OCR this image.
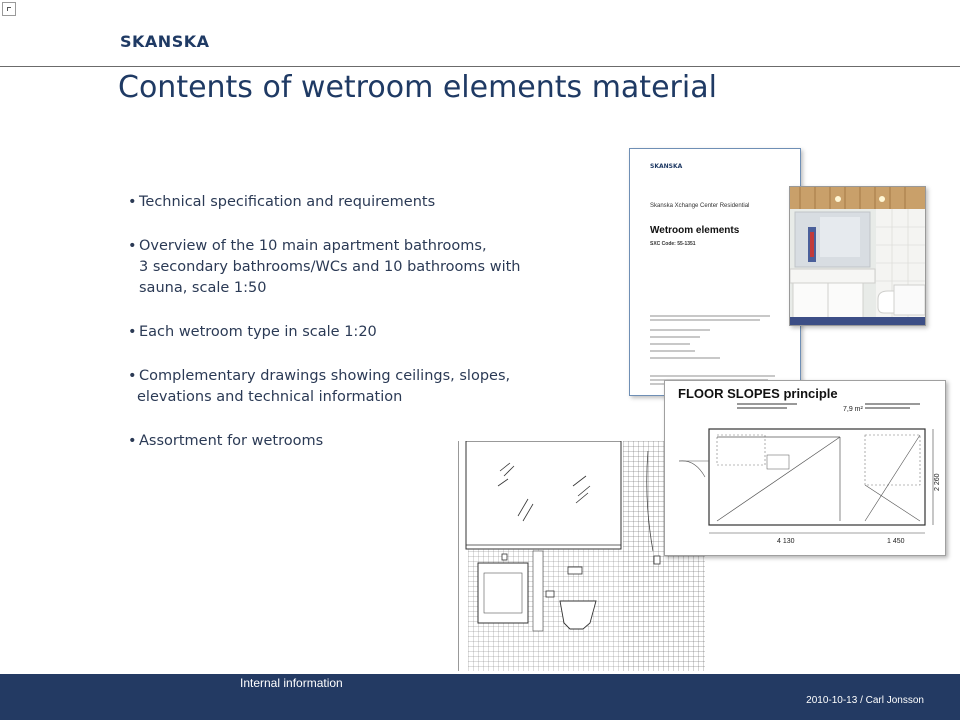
SKANSKA
Contents of wetroom elements material
• Technical specification and requirements
• Overview of the 10 main apartment bathrooms,
3 secondary bathrooms/WCs and 10 bathrooms with
sauna, scale 1:50
• Each wetroom type in scale 1:20
• Complementary drawings showing ceilings, slopes,
elevations and technical information
• Assortment for wetrooms
SKANSKA
Skanska Xchange Center Residential
Wetroom elements
SXC Code: 55-1351
FLOOR SLOPES principle
7,9 m²
4 130	1 450
2 260
Internal information
2010-10-13 / Carl Jonsson
